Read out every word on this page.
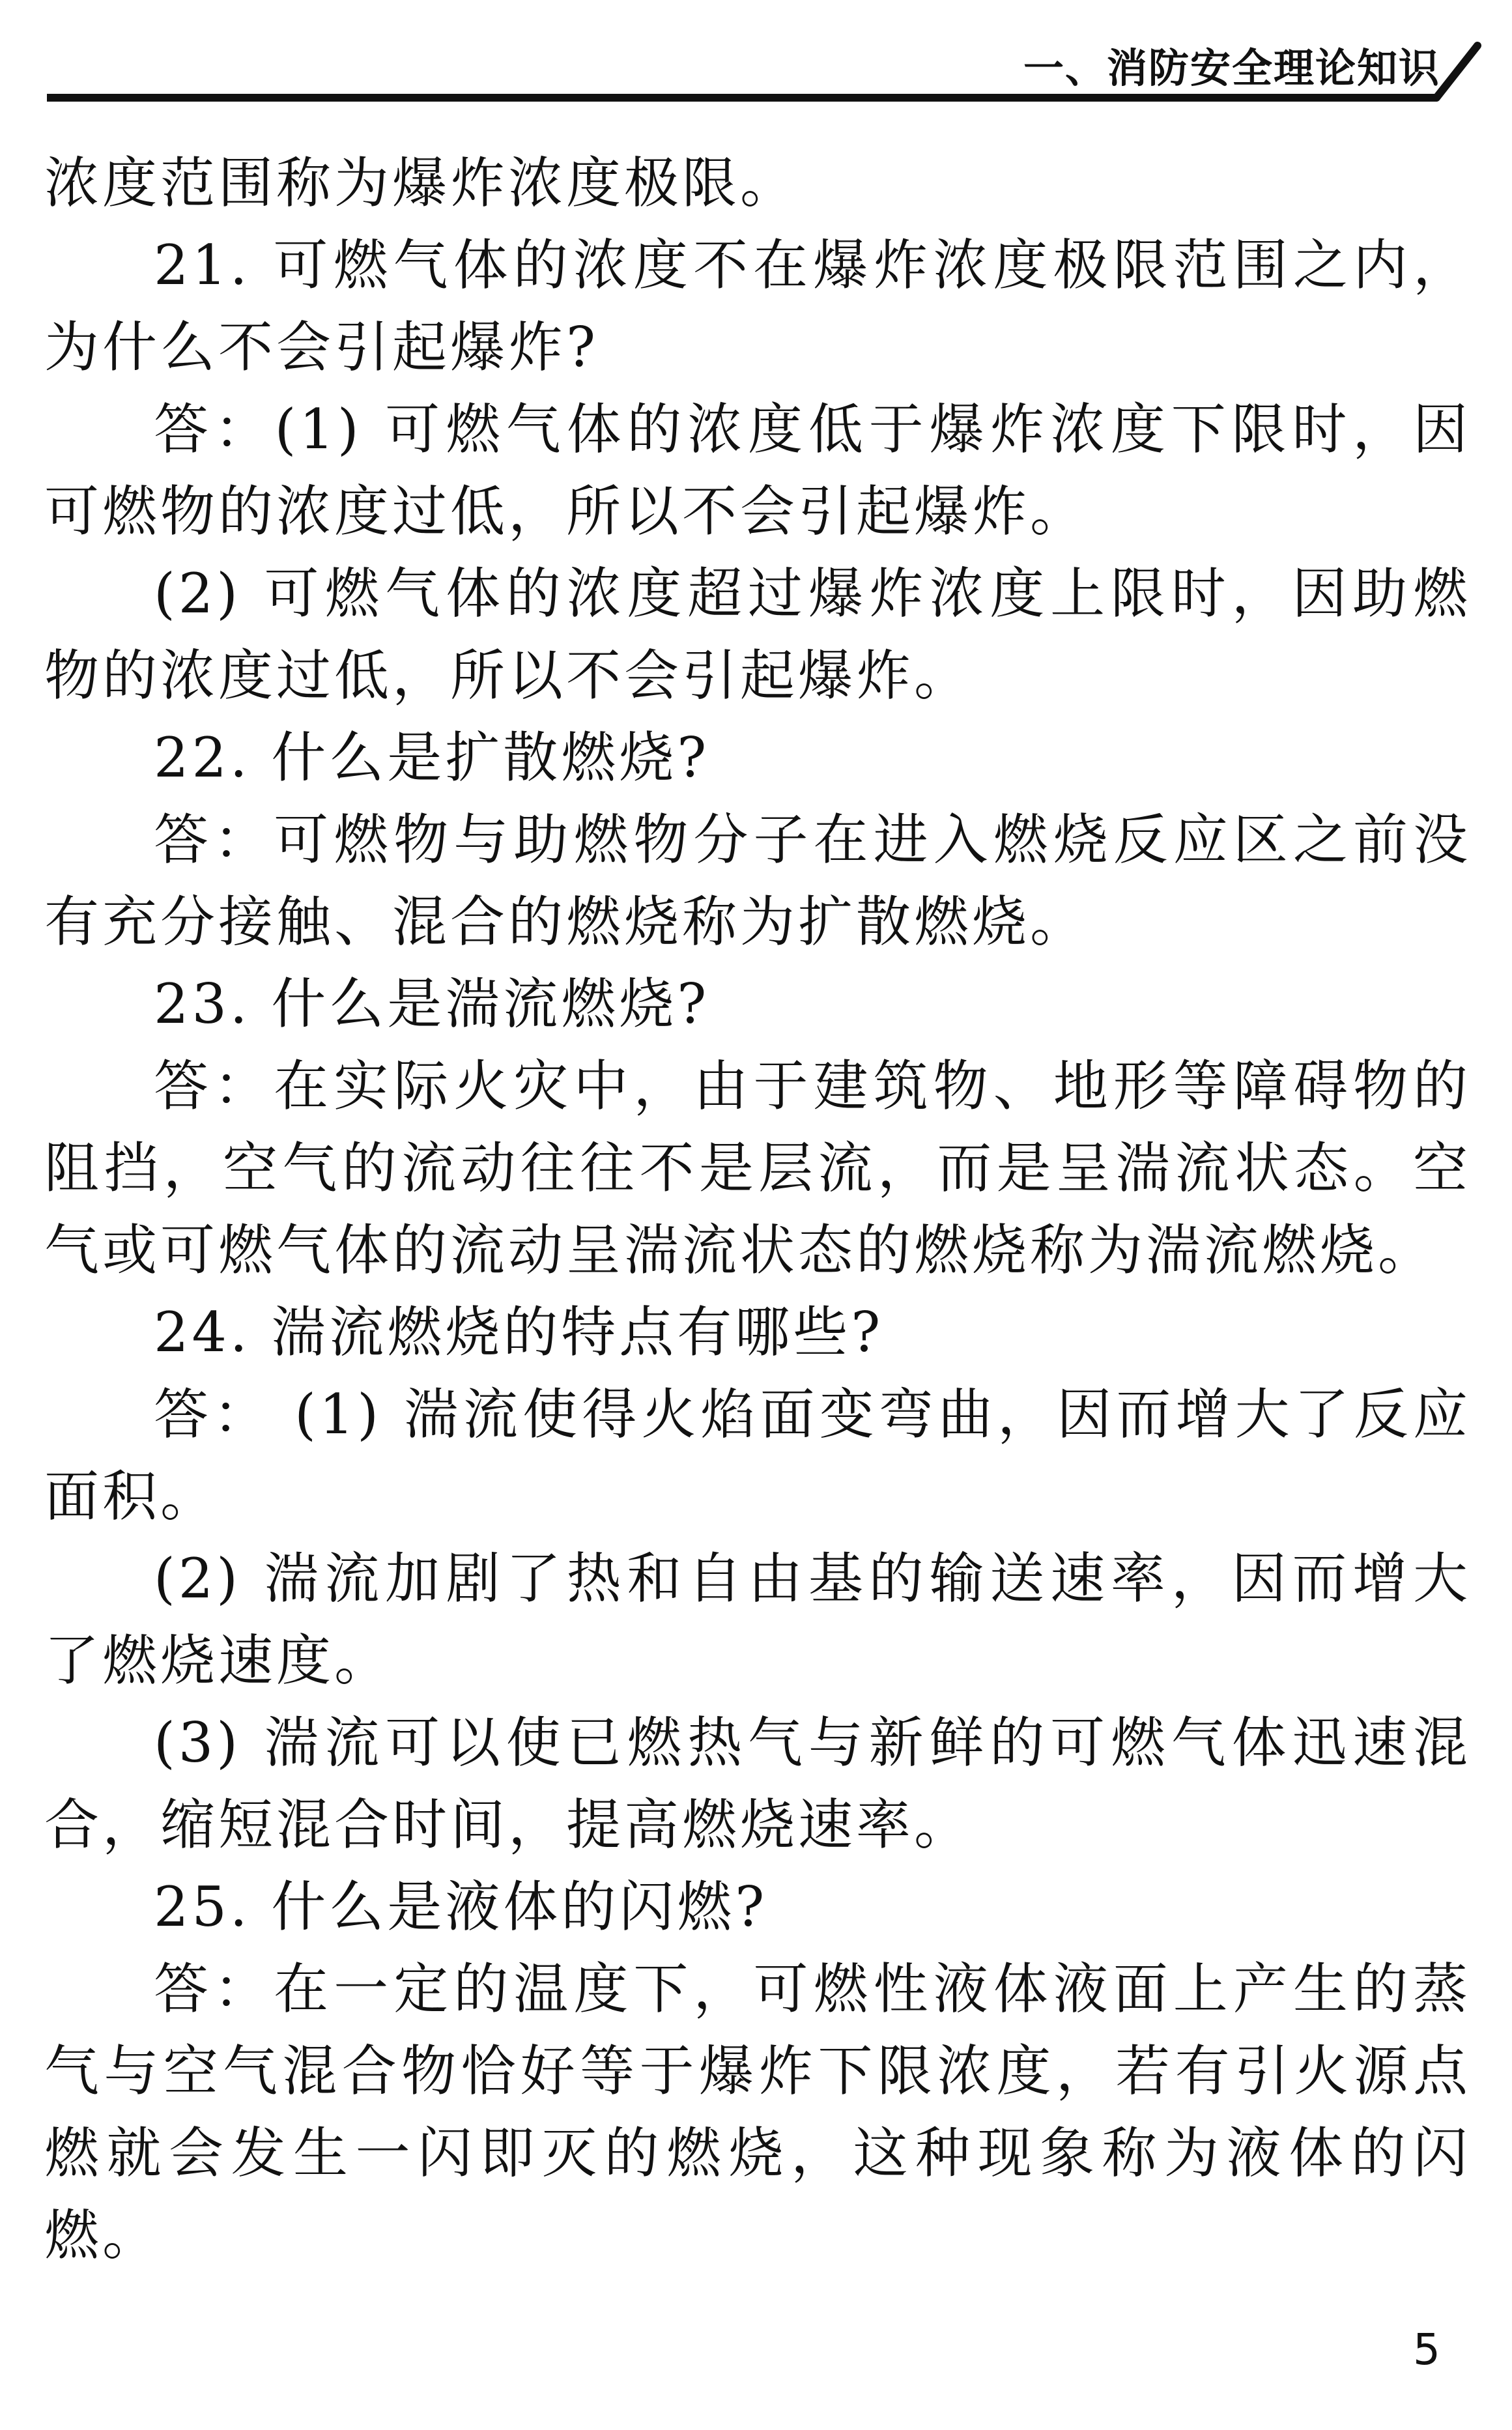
一、消防安全理论知识

浓度范围称为爆炸浓度极限。

21. 可燃气体的浓度不在爆炸浓度极限范围之内，为什么不会引起爆炸?

答：(1) 可燃气体的浓度低于爆炸浓度下限时，因可燃物的浓度过低，所以不会引起爆炸。

(2) 可燃气体的浓度超过爆炸浓度上限时，因助燃物的浓度过低，所以不会引起爆炸。

22. 什么是扩散燃烧?

答：可燃物与助燃物分子在进入燃烧反应区之前没有充分接触、混合的燃烧称为扩散燃烧。

23. 什么是湍流燃烧?

答：在实际火灾中，由于建筑物、地形等障碍物的阻挡，空气的流动往往不是层流，而是呈湍流状态。空气或可燃气体的流动呈湍流状态的燃烧称为湍流燃烧。

24. 湍流燃烧的特点有哪些?

答： (1) 湍流使得火焰面变弯曲，因而增大了反应面积。

(2) 湍流加剧了热和自由基的输送速率，因而增大了燃烧速度。

(3) 湍流可以使已燃热气与新鲜的可燃气体迅速混合，缩短混合时间，提高燃烧速率。

25. 什么是液体的闪燃?

答：在一定的温度下，可燃性液体液面上产生的蒸气与空气混合物恰好等于爆炸下限浓度，若有引火源点燃就会发生一闪即灭的燃烧，这种现象称为液体的闪燃。

5
